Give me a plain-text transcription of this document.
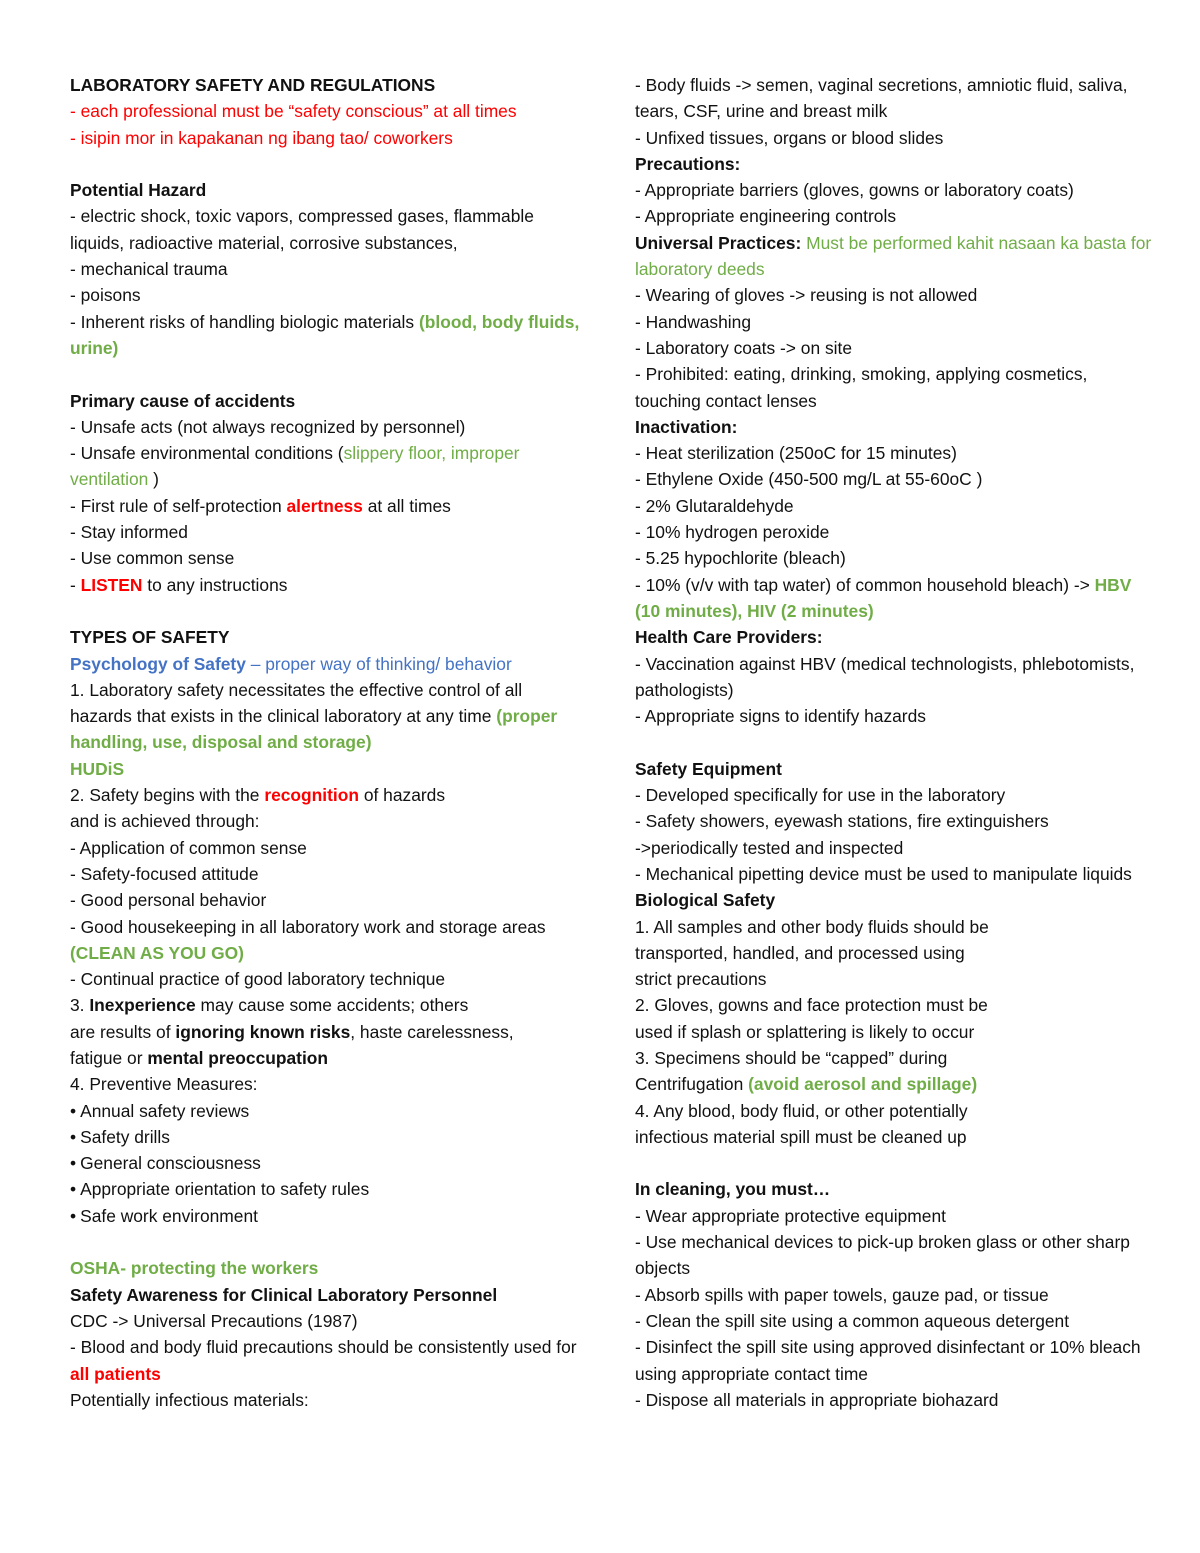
LABORATORY SAFETY AND REGULATIONS

- each professional must be “safety conscious” at all times

- isipin mor in kapakanan ng ibang tao/ coworkers

Potential Hazard

- electric shock, toxic vapors, compressed gases, flammable liquids, radioactive material, corrosive substances,

- mechanical trauma

- poisons

- Inherent risks of handling biologic materials (blood, body fluids, urine)

Primary cause of accidents

- Unsafe acts (not always recognized by personnel)

- Unsafe environmental conditions (slippery floor, improper ventilation )

- First rule of self-protection alertness at all times

- Stay informed

- Use common sense

- LISTEN to any instructions

TYPES OF SAFETY

Psychology of Safety – proper way of thinking/ behavior

1. Laboratory safety necessitates the effective control of all hazards that exists in the clinical laboratory at any time (proper handling, use, disposal and storage)

HUDiS

2. Safety begins with the recognition of hazards

and is achieved through:

- Application of common sense

- Safety-focused attitude

- Good personal behavior

- Good housekeeping in all laboratory work and storage areas (CLEAN AS YOU GO)

- Continual practice of good laboratory technique

3. Inexperience may cause some accidents; others

are results of ignoring known risks, haste carelessness,

fatigue or mental preoccupation

4. Preventive Measures:

• Annual safety reviews

• Safety drills

• General consciousness

• Appropriate orientation to safety rules

• Safe work environment

OSHA- protecting the workers

Safety Awareness for Clinical Laboratory Personnel

CDC -> Universal Precautions (1987)

- Blood and body fluid precautions should be consistently used for all patients

Potentially infectious materials:

- Body fluids -> semen, vaginal secretions, amniotic fluid, saliva, tears, CSF, urine and breast milk

- Unfixed tissues, organs or blood slides

Precautions:

- Appropriate barriers (gloves, gowns or laboratory coats)

- Appropriate engineering controls

Universal Practices: Must be performed kahit nasaan ka basta for laboratory deeds

- Wearing of gloves -> reusing is not allowed

- Handwashing

- Laboratory coats -> on site

- Prohibited: eating, drinking, smoking, applying cosmetics, touching contact lenses

Inactivation:

- Heat sterilization (250oC for 15 minutes)

- Ethylene Oxide (450-500 mg/L at 55-60oC )

- 2% Glutaraldehyde

- 10% hydrogen peroxide

- 5.25 hypochlorite (bleach)

- 10% (v/v with tap water) of common household bleach) -> HBV (10 minutes), HIV (2 minutes)

Health Care Providers:

- Vaccination against HBV (medical technologists, phlebotomists, pathologists)

- Appropriate signs to identify hazards

Safety Equipment

- Developed specifically for use in the laboratory

- Safety showers, eyewash stations, fire extinguishers

->periodically tested and inspected

- Mechanical pipetting device must be used to manipulate liquids

Biological Safety

1. All samples and other body fluids should be

transported, handled, and processed using

strict precautions

2. Gloves, gowns and face protection must be

used if splash or splattering is likely to occur

3. Specimens should be “capped” during

Centrifugation (avoid aerosol and spillage)

4. Any blood, body fluid, or other potentially

infectious material spill must be cleaned up

In cleaning, you must…

- Wear appropriate protective equipment

- Use mechanical devices to pick-up broken glass or other sharp objects

- Absorb spills with paper towels, gauze pad, or tissue

- Clean the spill site using a common aqueous detergent

- Disinfect the spill site using approved disinfectant or 10% bleach using appropriate contact time

- Dispose all materials in appropriate biohazard
